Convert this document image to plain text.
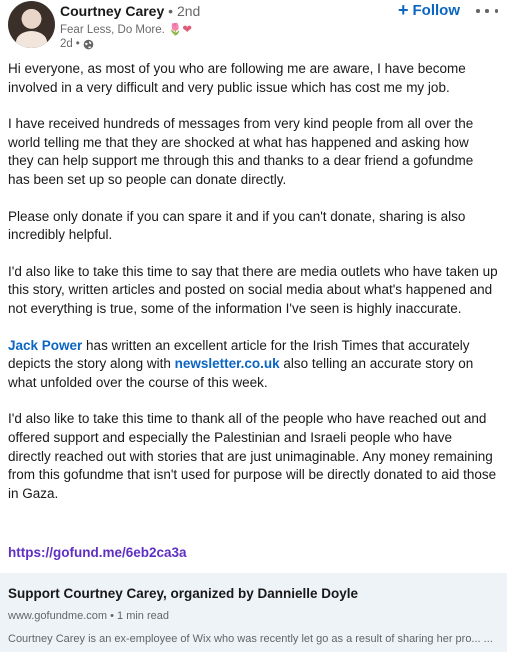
Courtney Carey • 2nd
Fear Less, Do More. 🌷❤
2d •
+ Follow

Hi everyone, as most of you who are following me are aware, I have become involved in a very difficult and very public issue which has cost me my job.

I have received hundreds of messages from very kind people from all over the world telling me that they are shocked at what has happened and asking how they can help support me through this and thanks to a dear friend a gofundme has been set up so people can donate directly.

Please only donate if you can spare it and if you can't donate, sharing is also incredibly helpful.

I'd also like to take this time to say that there are media outlets who have taken up this story, written articles and posted on social media about what's happened and not everything is true, some of the information I've seen is highly inaccurate.

Jack Power has written an excellent article for the Irish Times that accurately depicts the story along with newsletter.co.uk also telling an accurate story on what unfolded over the course of this week.

I'd also like to take this time to thank all of the people who have reached out and offered support and especially the Palestinian and Israeli people who have directly reached out with stories that are just unimaginable. Any money remaining from this gofundme that isn't used for purpose will be directly donated to aid those in Gaza.

https://gofund.me/6eb2ca3a
Support Courtney Carey, organized by Dannielle Doyle
www.gofundme.com • 1 min read
Courtney Carey is an ex-employee of Wix who was recently let go as a result of sharing her pro... ...
